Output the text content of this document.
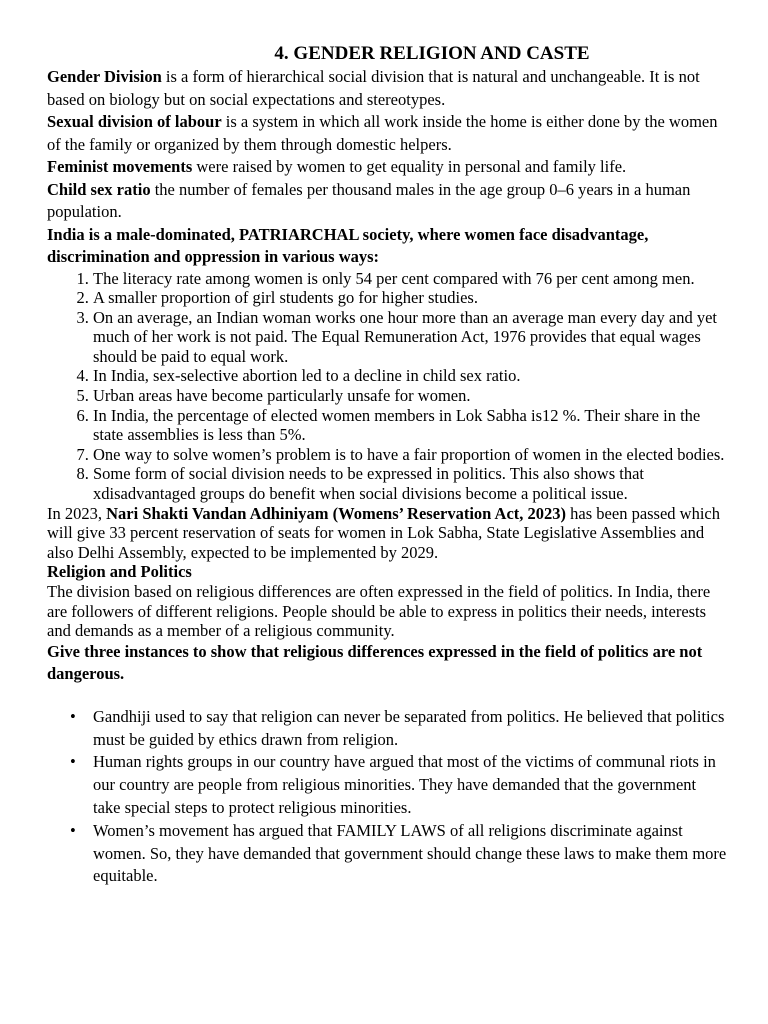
4. GENDER RELIGION AND CASTE

Gender Division is a form of hierarchical social division that is natural and unchangeable. It is not based on biology but on social expectations and stereotypes.

Sexual division of labour is a system in which all work inside the home is either done by the women of the family or organized by them through domestic helpers.

Feminist movements were raised by women to get equality in personal and family life.

Child sex ratio the number of females per thousand males in the age group 0–6 years in a human population.

India is a male-dominated, PATRIARCHAL society, where women face disadvantage, discrimination and oppression in various ways:

1. The literacy rate among women is only 54 per cent compared with 76 per cent among men.
2. A smaller proportion of girl students go for higher studies.
3. On an average, an Indian woman works one hour more than an average man every day and yet much of her work is not paid. The Equal Remuneration Act, 1976 provides that equal wages should be paid to equal work.
4. In India, sex-selective abortion led to a decline in child sex ratio.
5. Urban areas have become particularly unsafe for women.
6. In India, the percentage of elected women members in Lok Sabha is12 %. Their share in the state assemblies is less than 5%.
7. One way to solve women’s problem is to have a fair proportion of women in the elected bodies.
8. Some form of social division needs to be expressed in politics. This also shows that xdisadvantaged groups do benefit when social divisions become a political issue.

In 2023, Nari Shakti Vandan Adhiniyam (Womens’ Reservation Act, 2023) has been passed which will give 33 percent reservation of seats for women in Lok Sabha, State Legislative Assemblies and also Delhi Assembly, expected to be implemented by 2029.

Religion and Politics

The division based on religious differences are often expressed in the field of politics. In India, there are followers of different religions. People should be able to express in politics their needs, interests and demands as a member of a religious community.

Give three instances to show that religious differences expressed in the field of politics are not dangerous.

• Gandhiji used to say that religion can never be separated from politics. He believed that politics must be guided by ethics drawn from religion.
• Human rights groups in our country have argued that most of the victims of communal riots in our country are people from religious minorities. They have demanded that the government take special steps to protect religious minorities.
• Women’s movement has argued that FAMILY LAWS of all religions discriminate against women. So, they have demanded that government should change these laws to make them more equitable.
